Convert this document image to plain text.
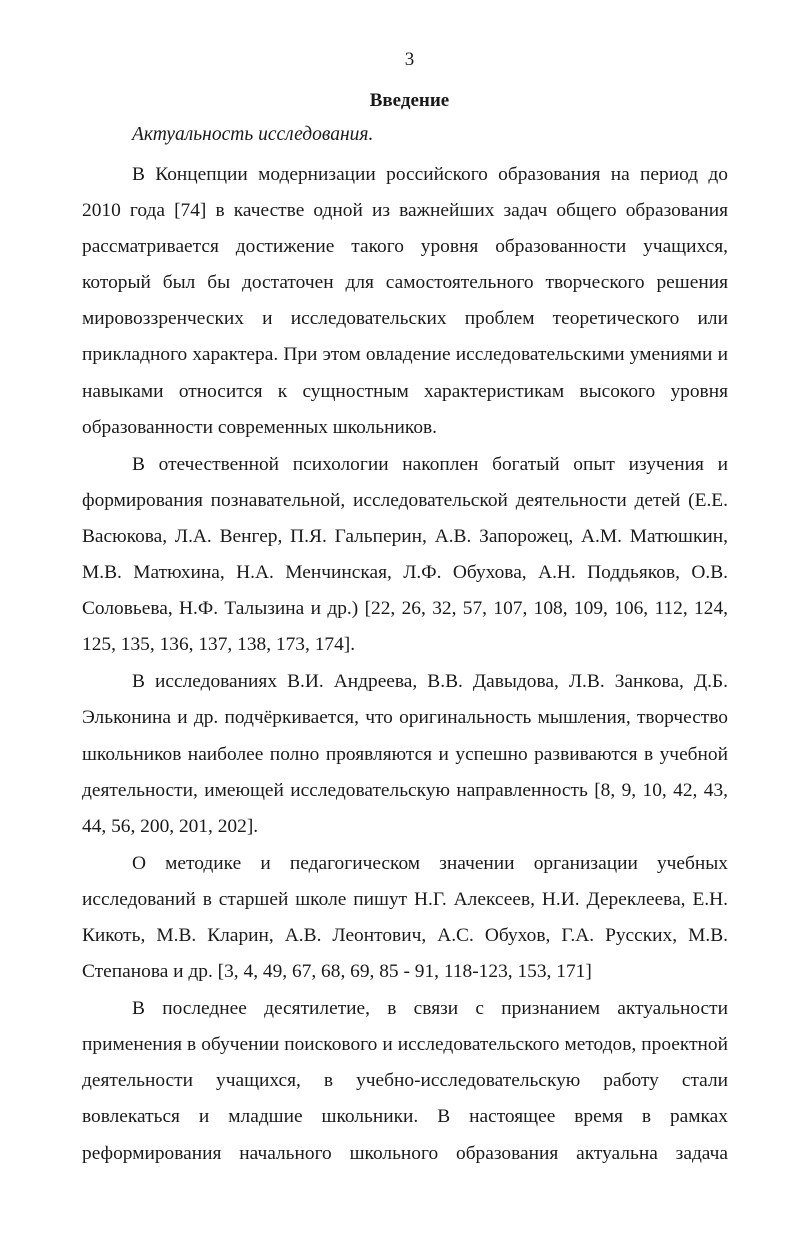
3
Введение
Актуальность исследования.

В Концепции модернизации российского образования на период до 2010 года [74] в качестве одной из важнейших задач общего образования рассматривается достижение такого уровня образованности учащихся, который был бы достаточен для самостоятельного творческого решения мировоззренческих и исследовательских проблем теоретического или прикладного характера. При этом овладение исследовательскими умениями и навыками относится к сущностным характеристикам высокого уровня образованности современных школьников.

В отечественной психологии накоплен богатый опыт изучения и формирования познавательной, исследовательской деятельности детей (Е.Е. Васюкова, Л.А. Венгер, П.Я. Гальперин, А.В. Запорожец, А.М. Матюшкин, М.В. Матюхина, Н.А. Менчинская, Л.Ф. Обухова, А.Н. Поддьяков, О.В. Соловьева, Н.Ф. Талызина и др.) [22, 26, 32, 57, 107, 108, 109, 106, 112, 124, 125, 135, 136, 137, 138, 173, 174].

В исследованиях В.И. Андреева, В.В. Давыдова, Л.В. Занкова, Д.Б. Эльконина и др. подчёркивается, что оригинальность мышления, творчество школьников наиболее полно проявляются и успешно развиваются в учебной деятельности, имеющей исследовательскую направленность [8, 9, 10, 42, 43, 44, 56, 200, 201, 202].

О методике и педагогическом значении организации учебных исследований в старшей школе пишут Н.Г. Алексеев, Н.И. Дереклеева, Е.Н. Кикоть, М.В. Кларин, А.В. Леонтович, А.С. Обухов, Г.А. Русских, М.В. Степанова и др. [3, 4, 49, 67, 68, 69, 85 - 91, 118-123, 153, 171]

В последнее десятилетие, в связи с признанием актуальности применения в обучении поискового и исследовательского методов, проектной деятельности учащихся, в учебно-исследовательскую работу стали вовлекаться и младшие школьники. В настоящее время в рамках реформирования начального школьного образования актуальна задача
